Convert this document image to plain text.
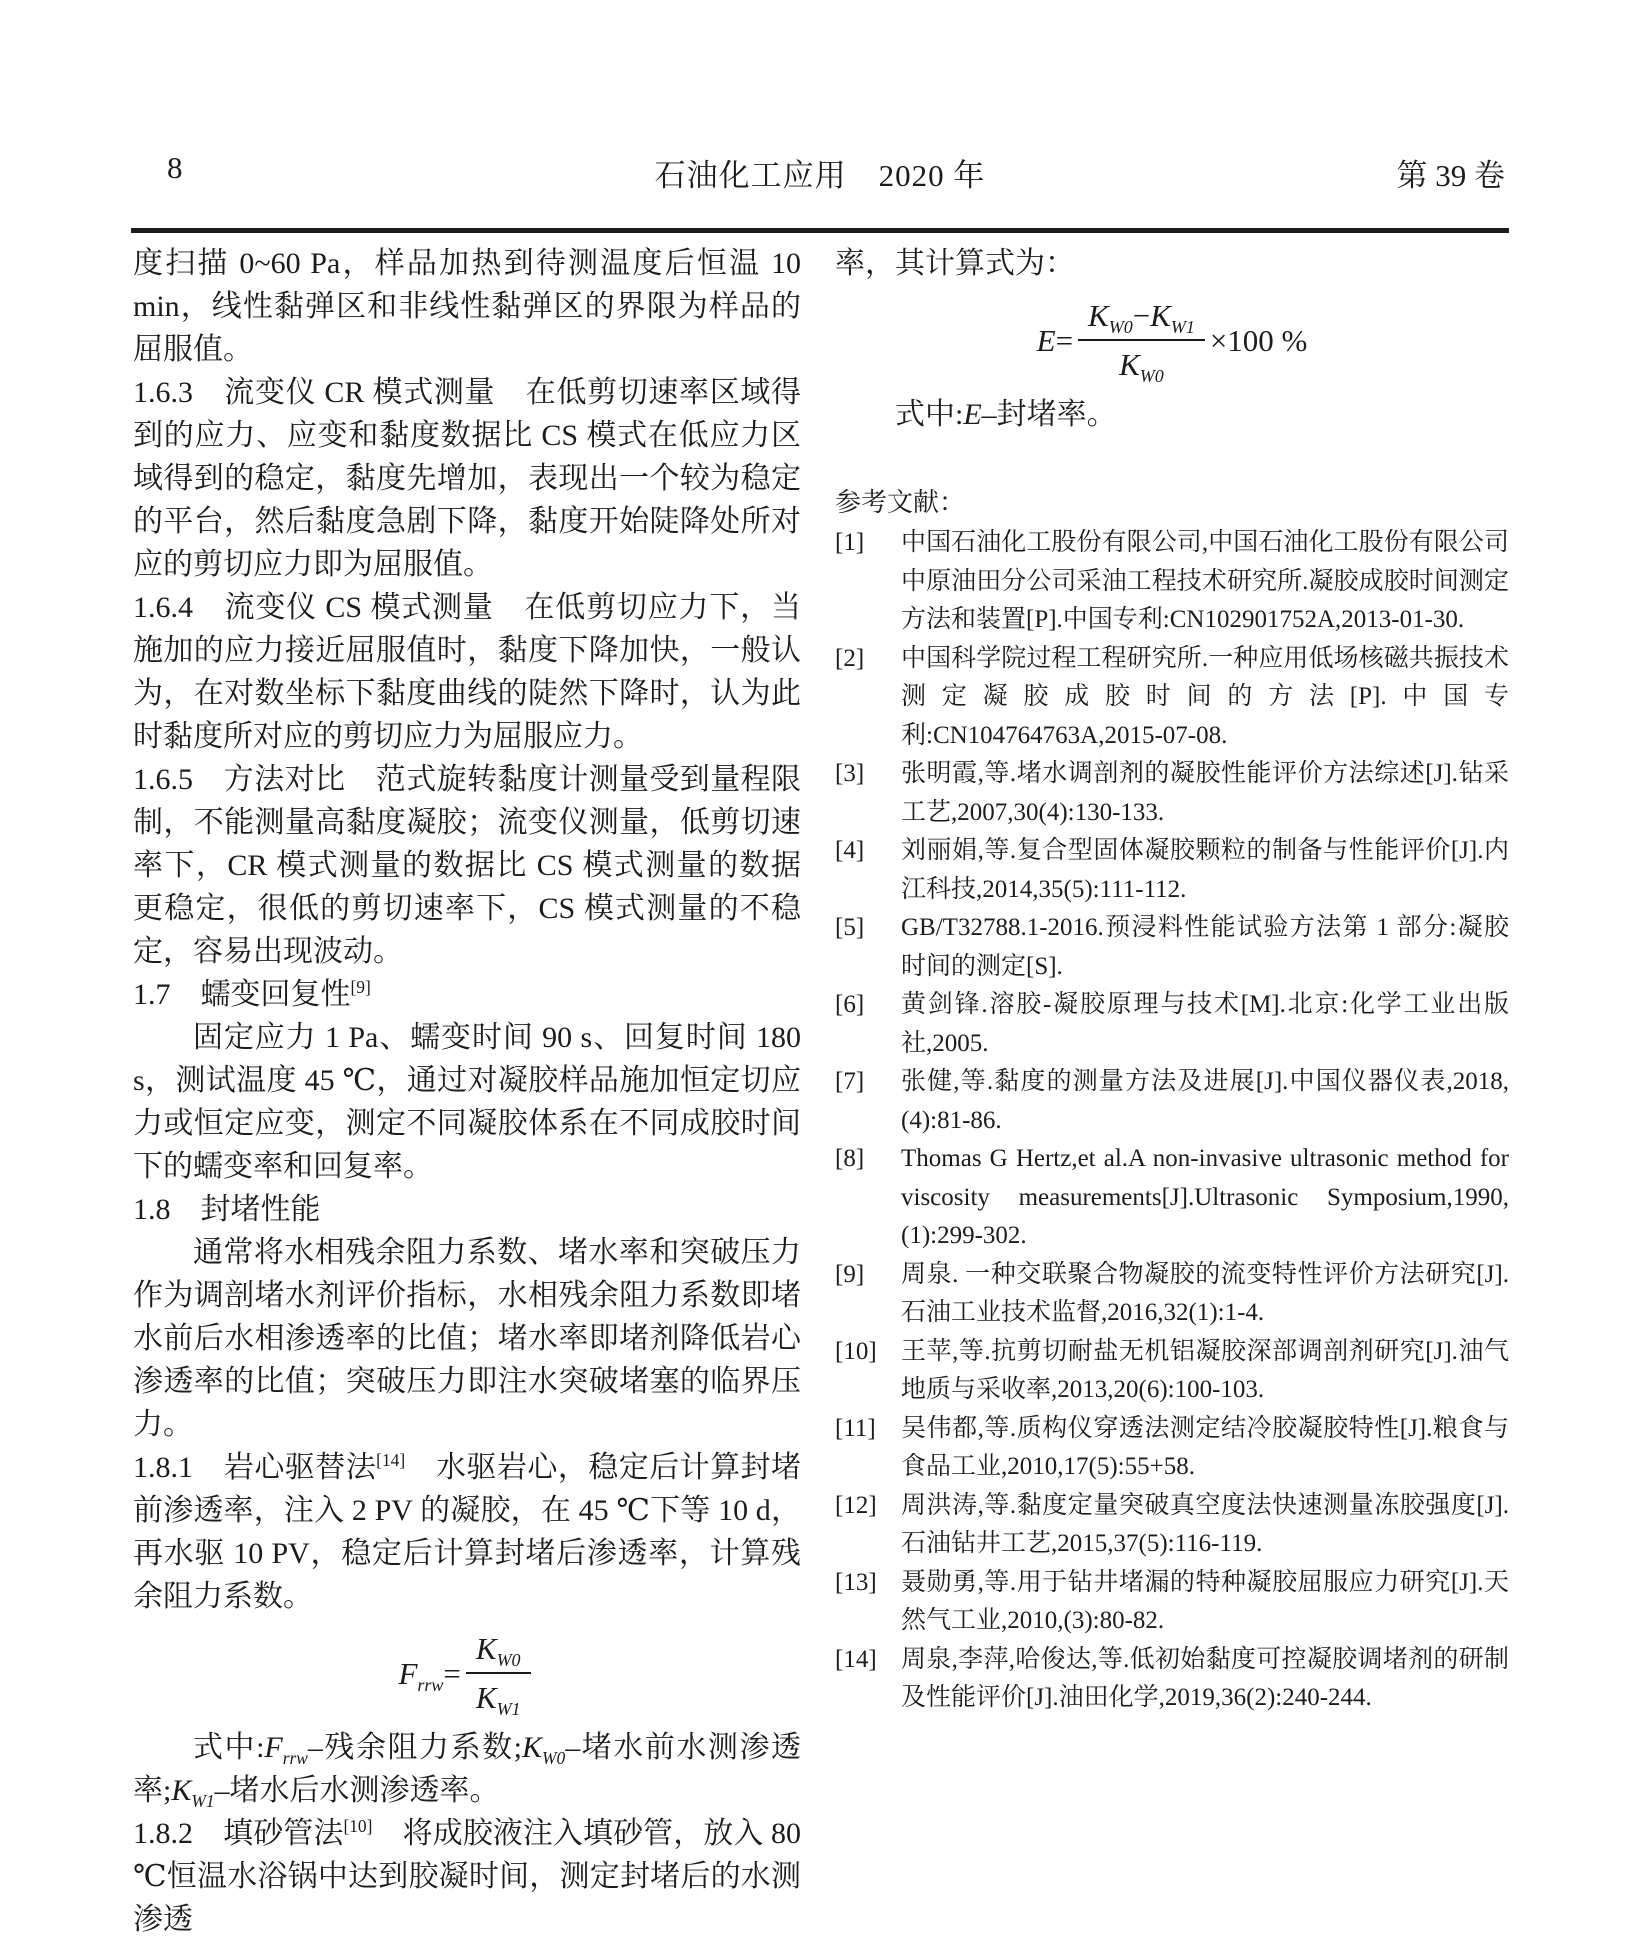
8	石油化工应用　2020 年	第 39 卷

度扫描 0~60 Pa，样品加热到待测温度后恒温 10 min，线性黏弹区和非线性黏弹区的界限为样品的屈服值。

1.6.3　流变仪 CR 模式测量　在低剪切速率区域得到的应力、应变和黏度数据比 CS 模式在低应力区域得到的稳定，黏度先增加，表现出一个较为稳定的平台，然后黏度急剧下降，黏度开始陡降处所对应的剪切应力即为屈服值。

1.6.4　流变仪 CS 模式测量　在低剪切应力下，当施加的应力接近屈服值时，黏度下降加快，一般认为，在对数坐标下黏度曲线的陡然下降时，认为此时黏度所对应的剪切应力为屈服应力。

1.6.5　方法对比　范式旋转黏度计测量受到量程限制，不能测量高黏度凝胶；流变仪测量，低剪切速率下，CR 模式测量的数据比 CS 模式测量的数据更稳定，很低的剪切速率下，CS 模式测量的不稳定，容易出现波动。

1.7　蠕变回复性[9]

固定应力 1 Pa、蠕变时间 90 s、回复时间 180 s，测试温度 45 ℃，通过对凝胶样品施加恒定切应力或恒定应变，测定不同凝胶体系在不同成胶时间下的蠕变率和回复率。

1.8　封堵性能

通常将水相残余阻力系数、堵水率和突破压力作为调剖堵水剂评价指标，水相残余阻力系数即堵水前后水相渗透率的比值；堵水率即堵剂降低岩心渗透率的比值；突破压力即注水突破堵塞的临界压力。

1.8.1　岩心驱替法[14]　水驱岩心，稳定后计算封堵前渗透率，注入 2 PV 的凝胶，在 45 ℃下等 10 d，再水驱 10 PV，稳定后计算封堵后渗透率，计算残余阻力系数。

$F_{rrw}= \frac{K_{W0}}{K_{W1}}$

式中$:F_{rrw}-$残余阻力系数$;K_{W0}-$堵水前水测渗透率$;K_{W1}-$堵水后水测渗透率。

1.8.2　填砂管法[10]　将成胶液注入填砂管，放入 80 ℃恒温水浴锅中达到胶凝时间，测定封堵后的水测渗透

率，其计算式为：

$E= \frac{K_{W0}-K_{W1}}{K_{W0}} \times 100$ %

式中:E–封堵率。

参考文献：

[1]	中国石油化工股份有限公司,中国石油化工股份有限公司中原油田分公司采油工程技术研究所.凝胶成胶时间测定方法和装置[P].中国专利:CN102901752A,2013-01-30.
[2]	中国科学院过程工程研究所.一种应用低场核磁共振技术测定凝胶成胶时间的方法[P].中国专利:CN104764763A,2015-07-08.
[3]	张明霞,等.堵水调剖剂的凝胶性能评价方法综述[J].钻采工艺,2007,30(4):130-133.
[4]	刘丽娟,等.复合型固体凝胶颗粒的制备与性能评价[J].内江科技,2014,35(5):111-112.
[5]	GB/T32788.1-2016.预浸料性能试验方法第 1 部分:凝胶时间的测定[S].
[6]	黄剑锋.溶胶-凝胶原理与技术[M].北京:化学工业出版社,2005.
[7]	张健,等.黏度的测量方法及进展[J].中国仪器仪表,2018,(4):81-86.
[8]	Thomas G Hertz,et al.A non-invasive ultrasonic method for viscosity measurements[J].Ultrasonic Symposium,1990,(1):299-302.
[9]	周泉. 一种交联聚合物凝胶的流变特性评价方法研究[J].石油工业技术监督,2016,32(1):1-4.
[10] 王苹,等.抗剪切耐盐无机铝凝胶深部调剖剂研究[J].油气地质与采收率,2013,20(6):100-103.
[11]	吴伟都,等.质构仪穿透法测定结冷胶凝胶特性[J].粮食与食品工业,2010,17(5):55+58.
[12] 周洪涛,等.黏度定量突破真空度法快速测量冻胶强度[J].石油钻井工艺,2015,37(5):116-119.
[13] 聂勋勇,等.用于钻井堵漏的特种凝胶屈服应力研究[J].天然气工业,2010,(3):80-82.
[14] 周泉,李萍,哈俊达,等.低初始黏度可控凝胶调堵剂的研制及性能评价[J].油田化学,2019,36(2):240-244.
